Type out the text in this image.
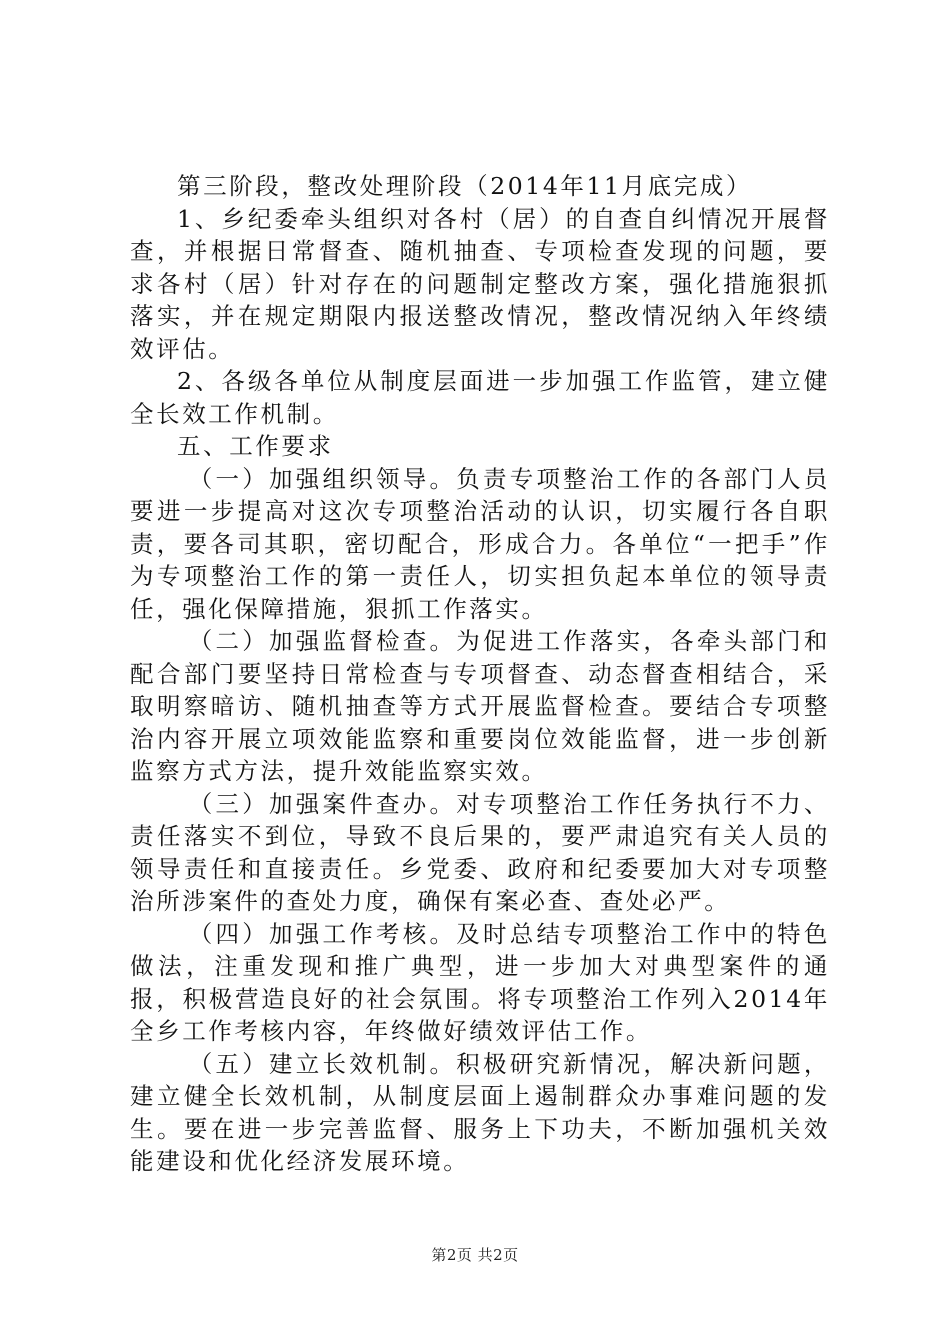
第三阶段，整改处理阶段（2014年11月底完成）

1、乡纪委牵头组织对各村（居）的自查自纠情况开展督查，并根据日常督查、随机抽查、专项检查发现的问题，要求各村（居）针对存在的问题制定整改方案，强化措施狠抓落实，并在规定期限内报送整改情况，整改情况纳入年终绩效评估。

2、各级各单位从制度层面进一步加强工作监管，建立健全长效工作机制。

五、工作要求

（一）加强组织领导。负责专项整治工作的各部门人员要进一步提高对这次专项整治活动的认识，切实履行各自职责，要各司其职，密切配合，形成合力。各单位“一把手”作为专项整治工作的第一责任人，切实担负起本单位的领导责任，强化保障措施，狠抓工作落实。

（二）加强监督检查。为促进工作落实，各牵头部门和配合部门要坚持日常检查与专项督查、动态督查相结合，采取明察暗访、随机抽查等方式开展监督检查。要结合专项整治内容开展立项效能监察和重要岗位效能监督，进一步创新监察方式方法，提升效能监察实效。

（三）加强案件查办。对专项整治工作任务执行不力、责任落实不到位，导致不良后果的，要严肃追究有关人员的领导责任和直接责任。乡党委、政府和纪委要加大对专项整治所涉案件的查处力度，确保有案必查、查处必严。

（四）加强工作考核。及时总结专项整治工作中的特色做法，注重发现和推广典型，进一步加大对典型案件的通报，积极营造良好的社会氛围。将专项整治工作列入2014年全乡工作考核内容，年终做好绩效评估工作。

（五）建立长效机制。积极研究新情况，解决新问题，建立健全长效机制，从制度层面上遏制群众办事难问题的发生。要在进一步完善监督、服务上下功夫，不断加强机关效能建设和优化经济发展环境。

第2页 共2页
